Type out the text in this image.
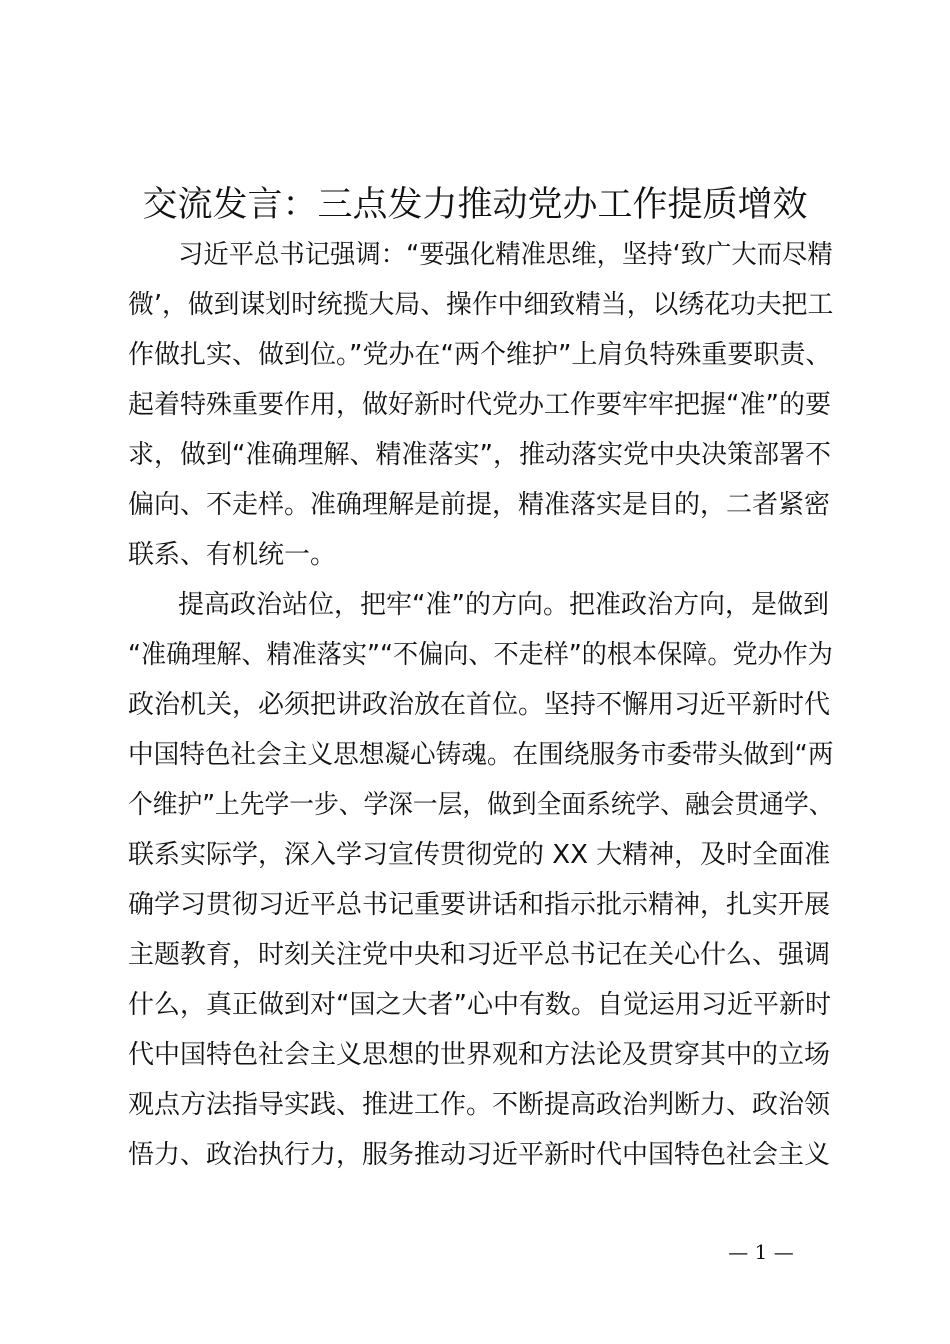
交流发言：三点发力推动党办工作提质增效
习近平总书记强调：“要强化精准思维，坚持‘致广大而尽精
微’，做到谋划时统揽大局、操作中细致精当，以绣花功夫把工
作做扎实、做到位。”党办在“两个维护”上肩负特殊重要职责、
起着特殊重要作用，做好新时代党办工作要牢牢把握“准”的要
求，做到“准确理解、精准落实”，推动落实党中央决策部署不
偏向、不走样。准确理解是前提，精准落实是目的，二者紧密
联系、有机统一。
提高政治站位，把牢“准”的方向。把准政治方向，是做到
“准确理解、精准落实”“不偏向、不走样”的根本保障。党办作为
政治机关，必须把讲政治放在首位。坚持不懈用习近平新时代
中国特色社会主义思想凝心铸魂。在围绕服务市委带头做到“两
个维护”上先学一步、学深一层，做到全面系统学、融会贯通学、
联系实际学，深入学习宣传贯彻党的 XX 大精神，及时全面准
确学习贯彻习近平总书记重要讲话和指示批示精神，扎实开展
主题教育，时刻关注党中央和习近平总书记在关心什么、强调
什么，真正做到对“国之大者”心中有数。自觉运用习近平新时
代中国特色社会主义思想的世界观和方法论及贯穿其中的立场
观点方法指导实践、推进工作。不断提高政治判断力、政治领
悟力、政治执行力，服务推动习近平新时代中国特色社会主义
— 1 —
